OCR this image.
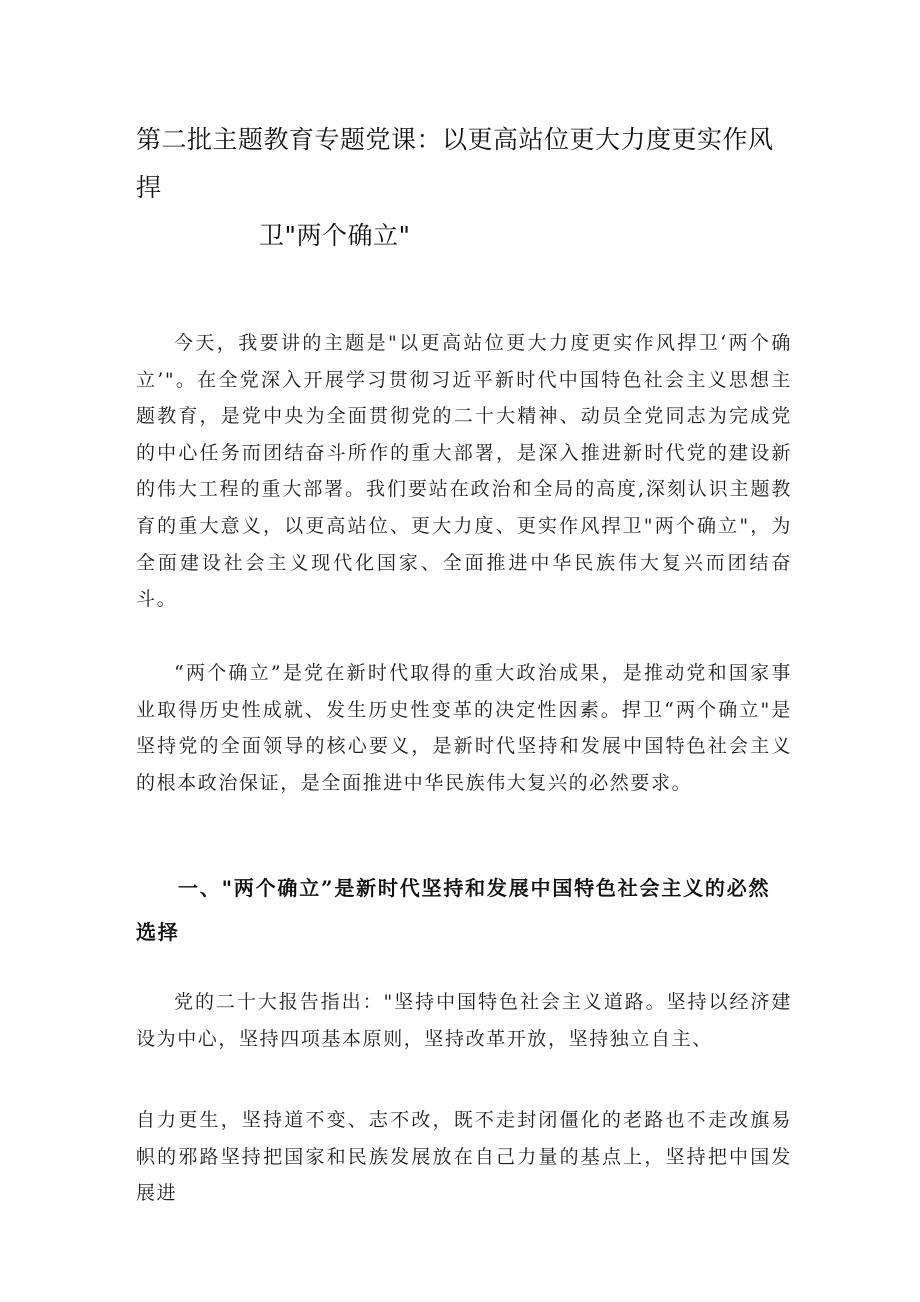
第二批主题教育专题党课：以更高站位更大力度更实作风捍
卫"两个确立"

今天，我要讲的主题是"以更高站位更大力度更实作风捍卫‘两个确立’"。在全党深入开展学习贯彻习近平新时代中国特色社会主义思想主题教育，是党中央为全面贯彻党的二十大精神、动员全党同志为完成党的中心任务而团结奋斗所作的重大部署，是深入推进新时代党的建设新的伟大工程的重大部署。我们要站在政治和全局的高度,深刻认识主题教育的重大意义，以更高站位、更大力度、更实作风捍卫"两个确立"，为全面建设社会主义现代化国家、全面推进中华民族伟大复兴而团结奋斗。

“两个确立”是党在新时代取得的重大政治成果，是推动党和国家事业取得历史性成就、发生历史性变革的决定性因素。捍卫“两个确立"是坚持党的全面领导的核心要义，是新时代坚持和发展中国特色社会主义的根本政治保证，是全面推进中华民族伟大复兴的必然要求。

一、"两个确立”是新时代坚持和发展中国特色社会主义的必然选择

党的二十大报告指出："坚持中国特色社会主义道路。坚持以经济建设为中心，坚持四项基本原则，坚持改革开放，坚持独立自主、

自力更生，坚持道不变、志不改，既不走封闭僵化的老路也不走改旗易帜的邪路坚持把国家和民族发展放在自己力量的基点上，坚持把中国发展进
